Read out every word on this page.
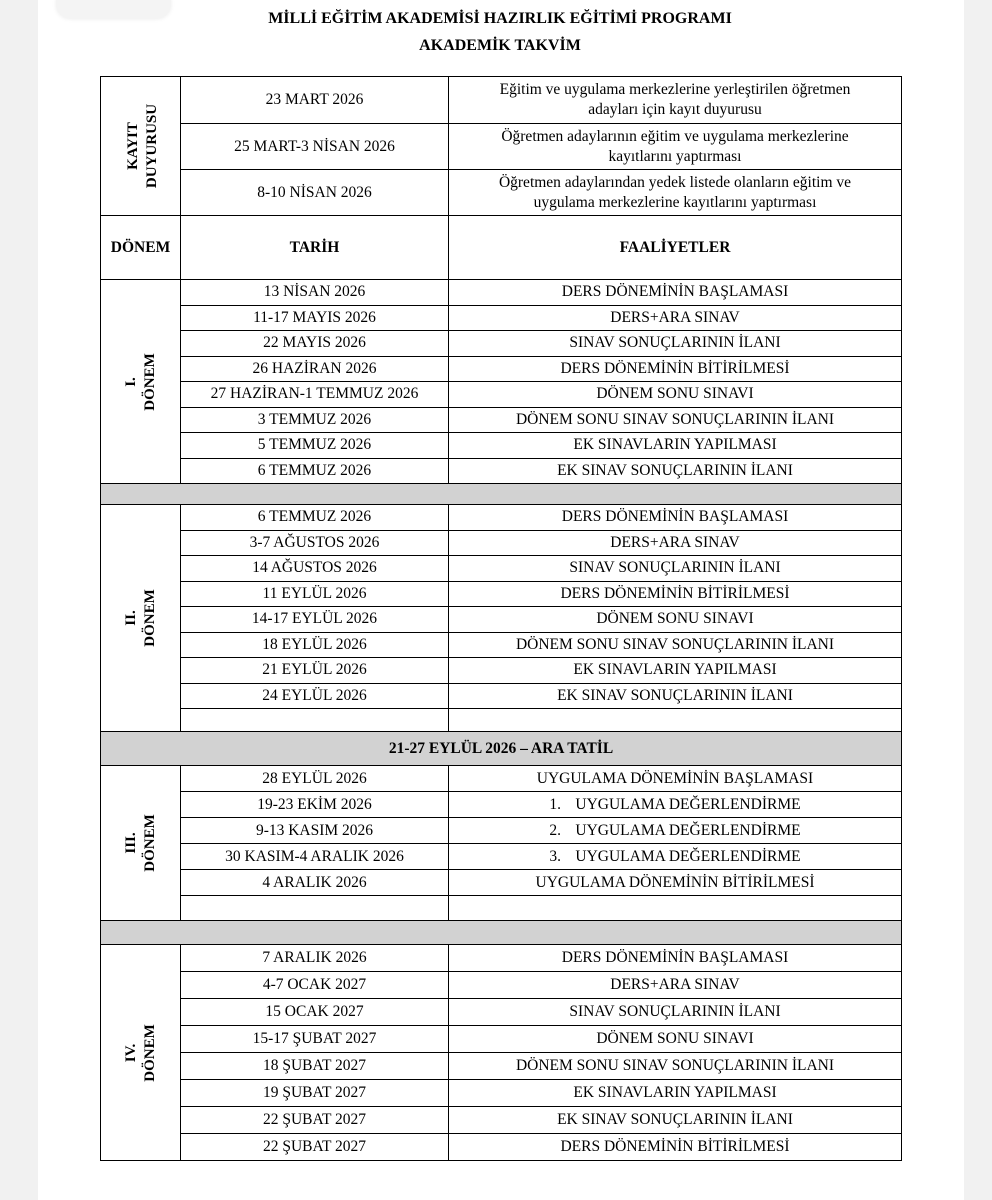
MİLLİ EĞİTİM AKADEMİSİ HAZIRLIK EĞİTİMİ PROGRAMI
AKADEMİK TAKVİM
KAYIT DUYURUSU	23 MART 2026	Eğitim ve uygulama merkezlerine yerleştirilen öğretmen
adayları için kayıt duyurusu
	25 MART-3 NİSAN 2026	Öğretmen adaylarının eğitim ve uygulama merkezlerine
kayıtlarını yaptırması
	8-10 NİSAN 2026	Öğretmen adaylarından yedek listede olanların eğitim ve
uygulama merkezlerine kayıtlarını yaptırması
DÖNEM	TARİH	FAALİYETLER
I. DÖNEM	13 NİSAN 2026	DERS DÖNEMİNİN BAŞLAMASI
	11-17 MAYIS 2026	DERS+ARA SINAV
	22 MAYIS 2026	SINAV SONUÇLARININ İLANI
	26 HAZİRAN 2026	DERS DÖNEMİNİN BİTİRİLMESİ
	27 HAZİRAN-1 TEMMUZ 2026	DÖNEM SONU SINAVI
	3 TEMMUZ 2026	DÖNEM SONU SINAV SONUÇLARININ İLANI
	5 TEMMUZ 2026	EK SINAVLARIN YAPILMASI
	6 TEMMUZ 2026	EK SINAV SONUÇLARININ İLANI

II. DÖNEM	6 TEMMUZ 2026	DERS DÖNEMİNİN BAŞLAMASI
	3-7 AĞUSTOS 2026	DERS+ARA SINAV
	14 AĞUSTOS 2026	SINAV SONUÇLARININ İLANI
	11 EYLÜL 2026	DERS DÖNEMİNİN BİTİRİLMESİ
	14-17 EYLÜL 2026	DÖNEM SONU SINAVI
	18 EYLÜL 2026	DÖNEM SONU SINAV SONUÇLARININ İLANI
	21 EYLÜL 2026	EK SINAVLARIN YAPILMASI
	24 EYLÜL 2026	EK SINAV SONUÇLARININ İLANI

21-27 EYLÜL 2026 – ARA TATİL		
III. DÖNEM	28 EYLÜL 2026	UYGULAMA DÖNEMİNİN BAŞLAMASI
	19-23 EKİM 2026	1. UYGULAMA DEĞERLENDİRME
	9-13 KASIM 2026	2. UYGULAMA DEĞERLENDİRME
	30 KASIM-4 ARALIK 2026	3. UYGULAMA DEĞERLENDİRME
	4 ARALIK 2026	UYGULAMA DÖNEMİNİN BİTİRİLMESİ

IV. DÖNEM	7 ARALIK 2026	DERS DÖNEMİNİN BAŞLAMASI
	4-7 OCAK 2027	DERS+ARA SINAV
	15 OCAK 2027	SINAV SONUÇLARININ İLANI
	15-17 ŞUBAT 2027	DÖNEM SONU SINAVI
	18 ŞUBAT 2027	DÖNEM SONU SINAV SONUÇLARININ İLANI
	19 ŞUBAT 2027	EK SINAVLARIN YAPILMASI
	22 ŞUBAT 2027	EK SINAV SONUÇLARININ İLANI
	22 ŞUBAT 2027	DERS DÖNEMİNİN BİTİRİLMESİ
